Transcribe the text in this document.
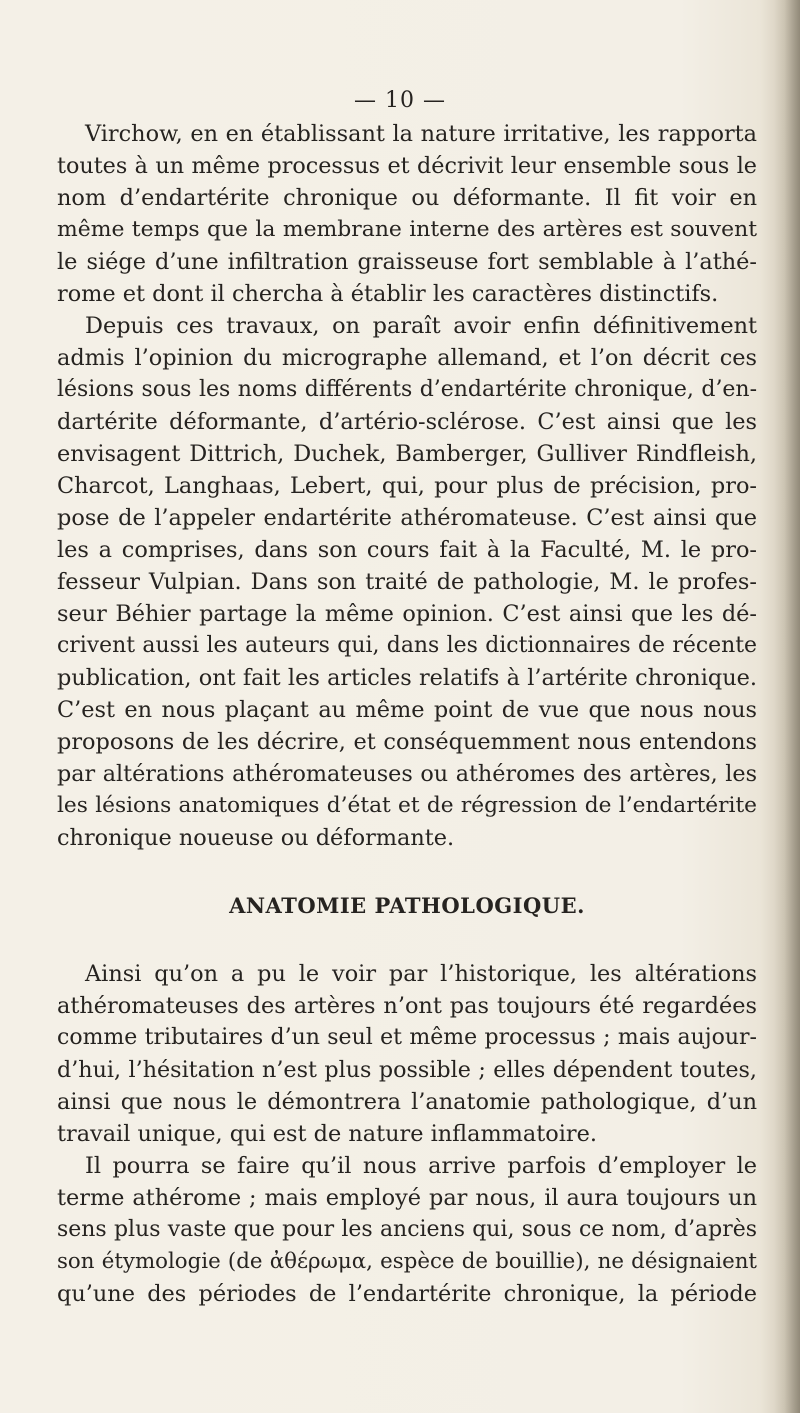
— 10 —

Virchow, en en établissant la nature irritative, les rapporta
toutes à un même processus et décrivit leur ensemble sous le
nom d’endartérite chronique ou déformante. Il fit voir en
même temps que la membrane interne des artères est souvent
le siége d’une infiltration graisseuse fort semblable à l’athé-
rome et dont il chercha à établir les caractères distinctifs.

Depuis ces travaux, on paraît avoir enfin définitivement
admis l’opinion du micrographe allemand, et l’on décrit ces
lésions sous les noms différents d’endartérite chronique, d’en-
dartérite déformante, d’artério-sclérose. C’est ainsi que les
envisagent Dittrich, Duchek, Bamberger, Gulliver Rindfleish,
Charcot, Langhaas, Lebert, qui, pour plus de précision, pro-
pose de l’appeler endartérite athéromateuse. C’est ainsi que
les a comprises, dans son cours fait à la Faculté, M. le pro-
fesseur Vulpian. Dans son traité de pathologie, M. le profes-
seur Béhier partage la même opinion. C’est ainsi que les dé-
crivent aussi les auteurs qui, dans les dictionnaires de récente
publication, ont fait les articles relatifs à l’artérite chronique.
C’est en nous plaçant au même point de vue que nous nous
proposons de les décrire, et conséquemment nous entendons
par altérations athéromateuses ou athéromes des artères, les
les lésions anatomiques d’état et de régression de l’endartérite
chronique noueuse ou déformante.

ANATOMIE PATHOLOGIQUE.

Ainsi qu’on a pu le voir par l’historique, les altérations
athéromateuses des artères n’ont pas toujours été regardées
comme tributaires d’un seul et même processus ; mais aujour-
d’hui, l’hésitation n’est plus possible ; elles dépendent toutes,
ainsi que nous le démontrera l’anatomie pathologique, d’un
travail unique, qui est de nature inflammatoire.

Il pourra se faire qu’il nous arrive parfois d’employer le
terme athérome ; mais employé par nous, il aura toujours un
sens plus vaste que pour les anciens qui, sous ce nom, d’après
son étymologie (de ἀθέρωμα, espèce de bouillie), ne désignaient
qu’une des périodes de l’endartérite chronique, la période
